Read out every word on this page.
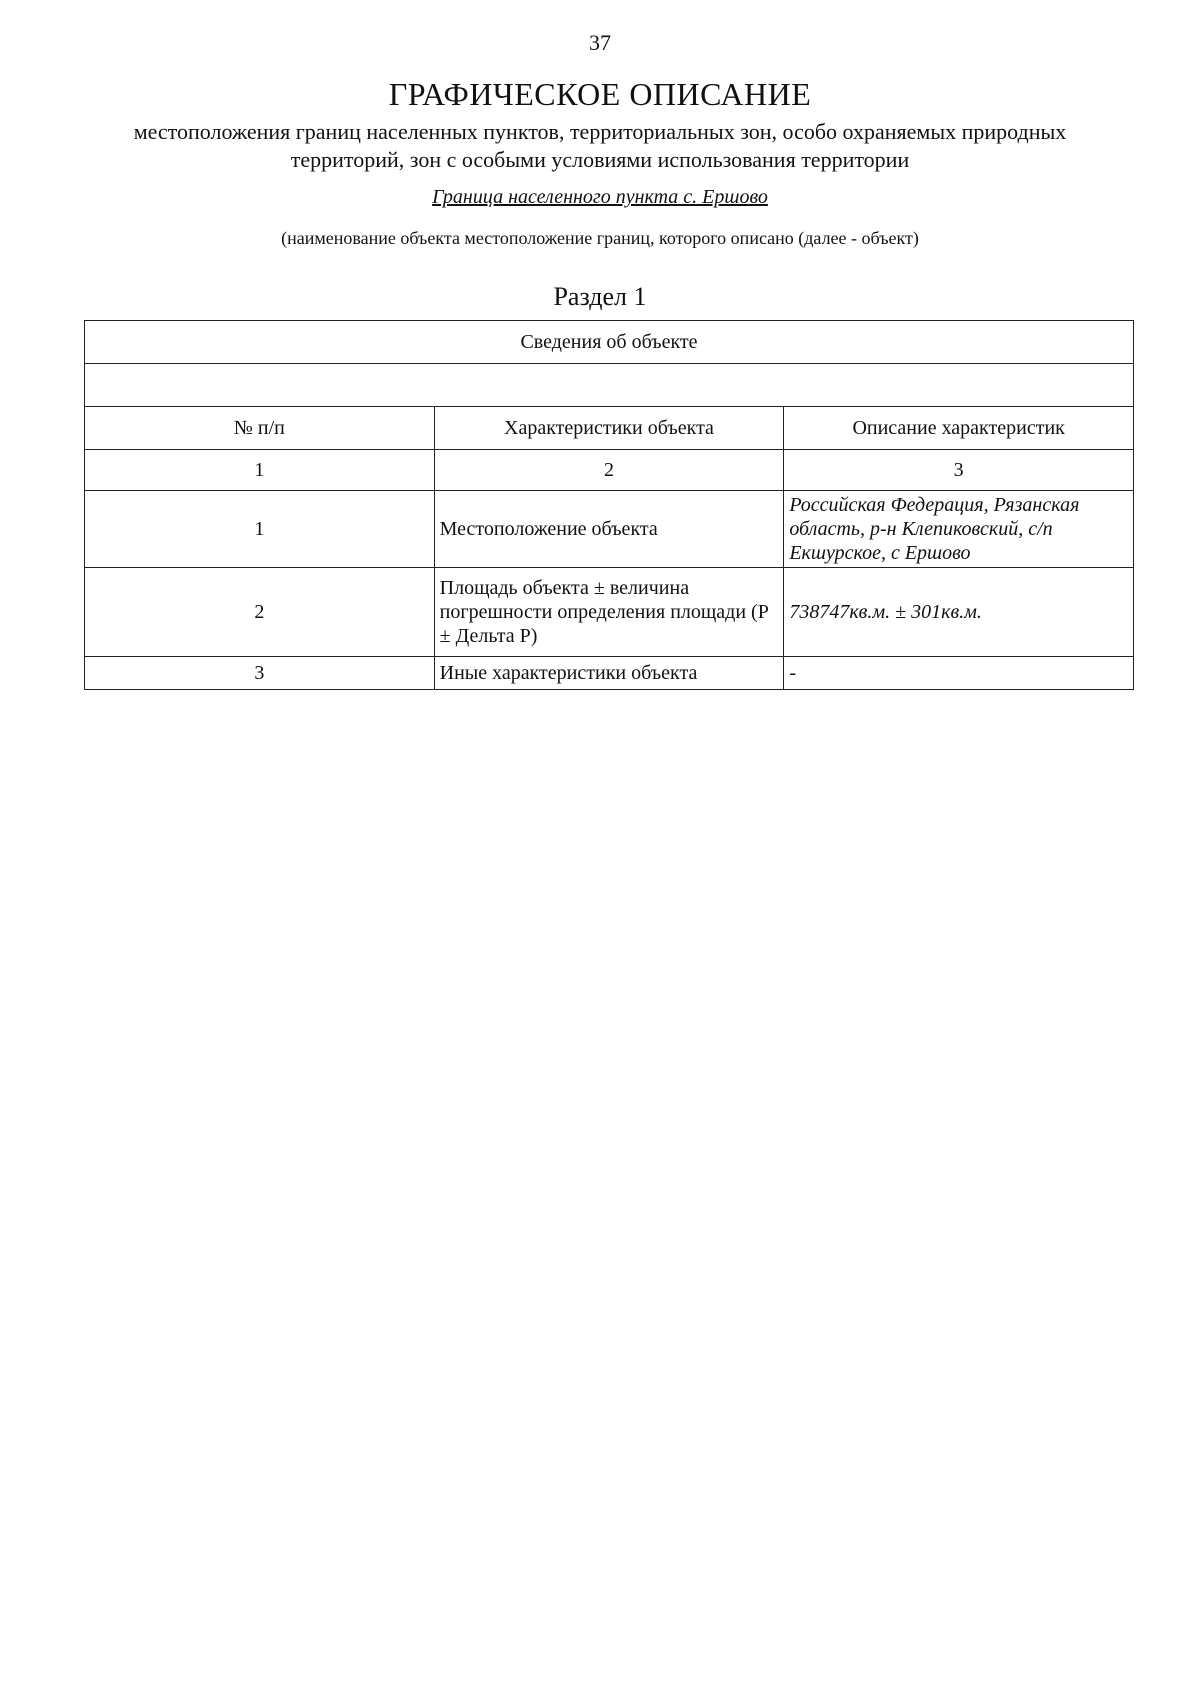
37
ГРАФИЧЕСКОЕ ОПИСАНИЕ
местоположения границ населенных пунктов, территориальных зон, особо охраняемых природных территорий, зон с особыми условиями использования территории
Граница населенного пункта с. Ершово
(наименование объекта местоположение границ, которого описано (далее - объект)
Раздел 1
Сведения об объекте		

№ п/п	Характеристики объекта	Описание характеристик
1	2	3
1	Местоположение объекта	Российская Федерация, Рязанская область, р-н Клепиковский, с/п Екшурское, с Ершово
2	Площадь объекта ± величина погрешности определения площади (P ± Дельта P)	738747кв.м. ± 301кв.м.
3	Иные характеристики объекта	-
